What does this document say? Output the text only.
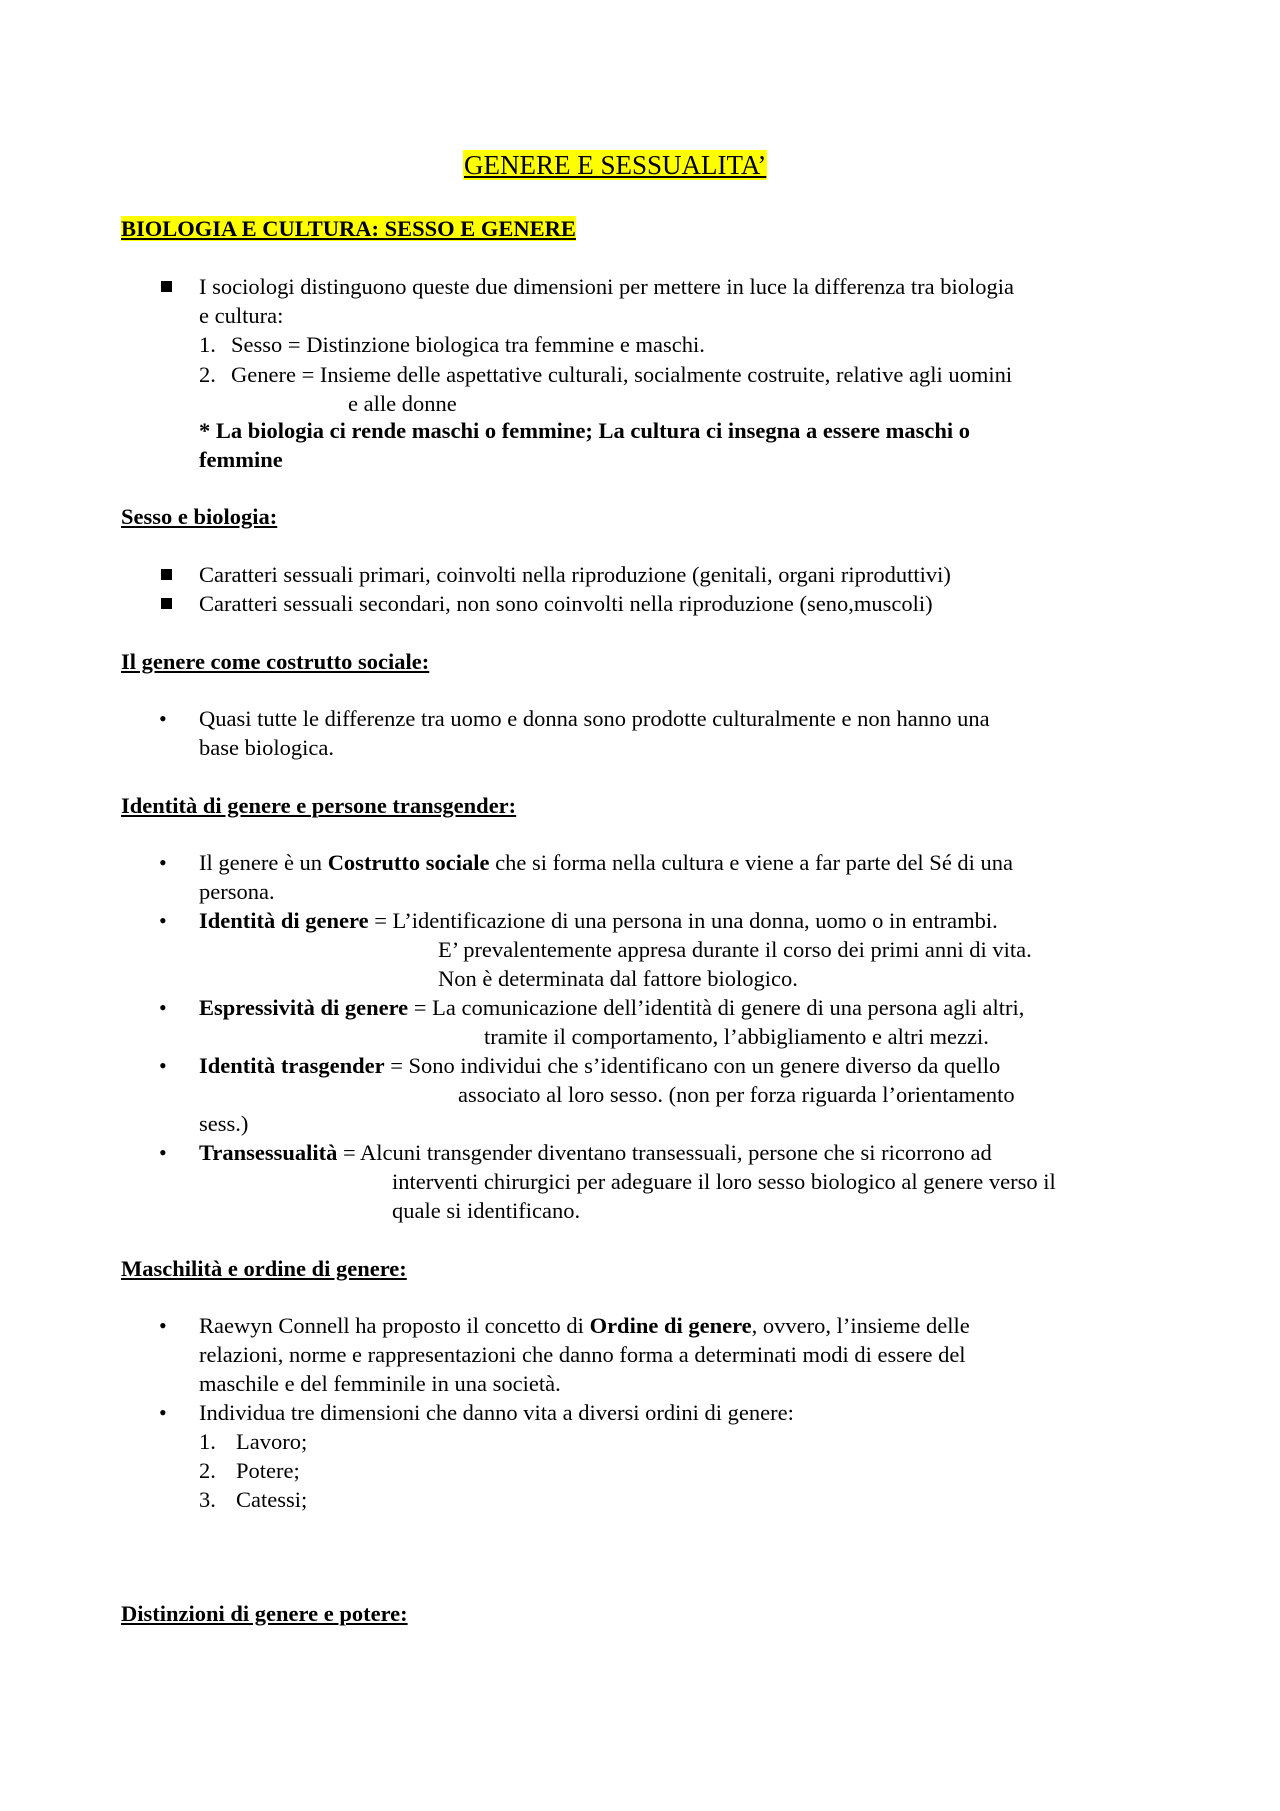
GENERE E SESSUALITA’
BIOLOGIA E CULTURA: SESSO E GENERE
I sociologi distinguono queste due dimensioni per mettere in luce la differenza tra biologia
e cultura:
1. Sesso = Distinzione biologica tra femmine e maschi.
2. Genere = Insieme delle aspettative culturali, socialmente costruite, relative agli uomini
e alle donne
* La biologia ci rende maschi o femmine; La cultura ci insegna a essere maschi o
femmine
Sesso e biologia:
Caratteri sessuali primari, coinvolti nella riproduzione (genitali, organi riproduttivi)
Caratteri sessuali secondari, non sono coinvolti nella riproduzione (seno,muscoli)
Il genere come costrutto sociale:
• Quasi tutte le differenze tra uomo e donna sono prodotte culturalmente e non hanno una
base biologica.
Identità di genere e persone transgender:
• Il genere è un Costrutto sociale che si forma nella cultura e viene a far parte del Sé di una
persona.
• Identità di genere = L’identificazione di una persona in una donna, uomo o in entrambi.
E’ prevalentemente appresa durante il corso dei primi anni di vita.
Non è determinata dal fattore biologico.
• Espressività di genere = La comunicazione dell’identità di genere di una persona agli altri,
tramite il comportamento, l’abbigliamento e altri mezzi.
• Identità trasgender = Sono individui che s’identificano con un genere diverso da quello
associato al loro sesso. (non per forza riguarda l’orientamento
sess.)
• Transessualità = Alcuni transgender diventano transessuali, persone che si ricorrono ad
interventi chirurgici per adeguare il loro sesso biologico al genere verso il
quale si identificano.
Maschilità e ordine di genere:
• Raewyn Connell ha proposto il concetto di Ordine di genere, ovvero, l’insieme delle
relazioni, norme e rappresentazioni che danno forma a determinati modi di essere del
maschile e del femminile in una società.
• Individua tre dimensioni che danno vita a diversi ordini di genere:
1. Lavoro;
2. Potere;
3. Catessi;
Distinzioni di genere e potere:
